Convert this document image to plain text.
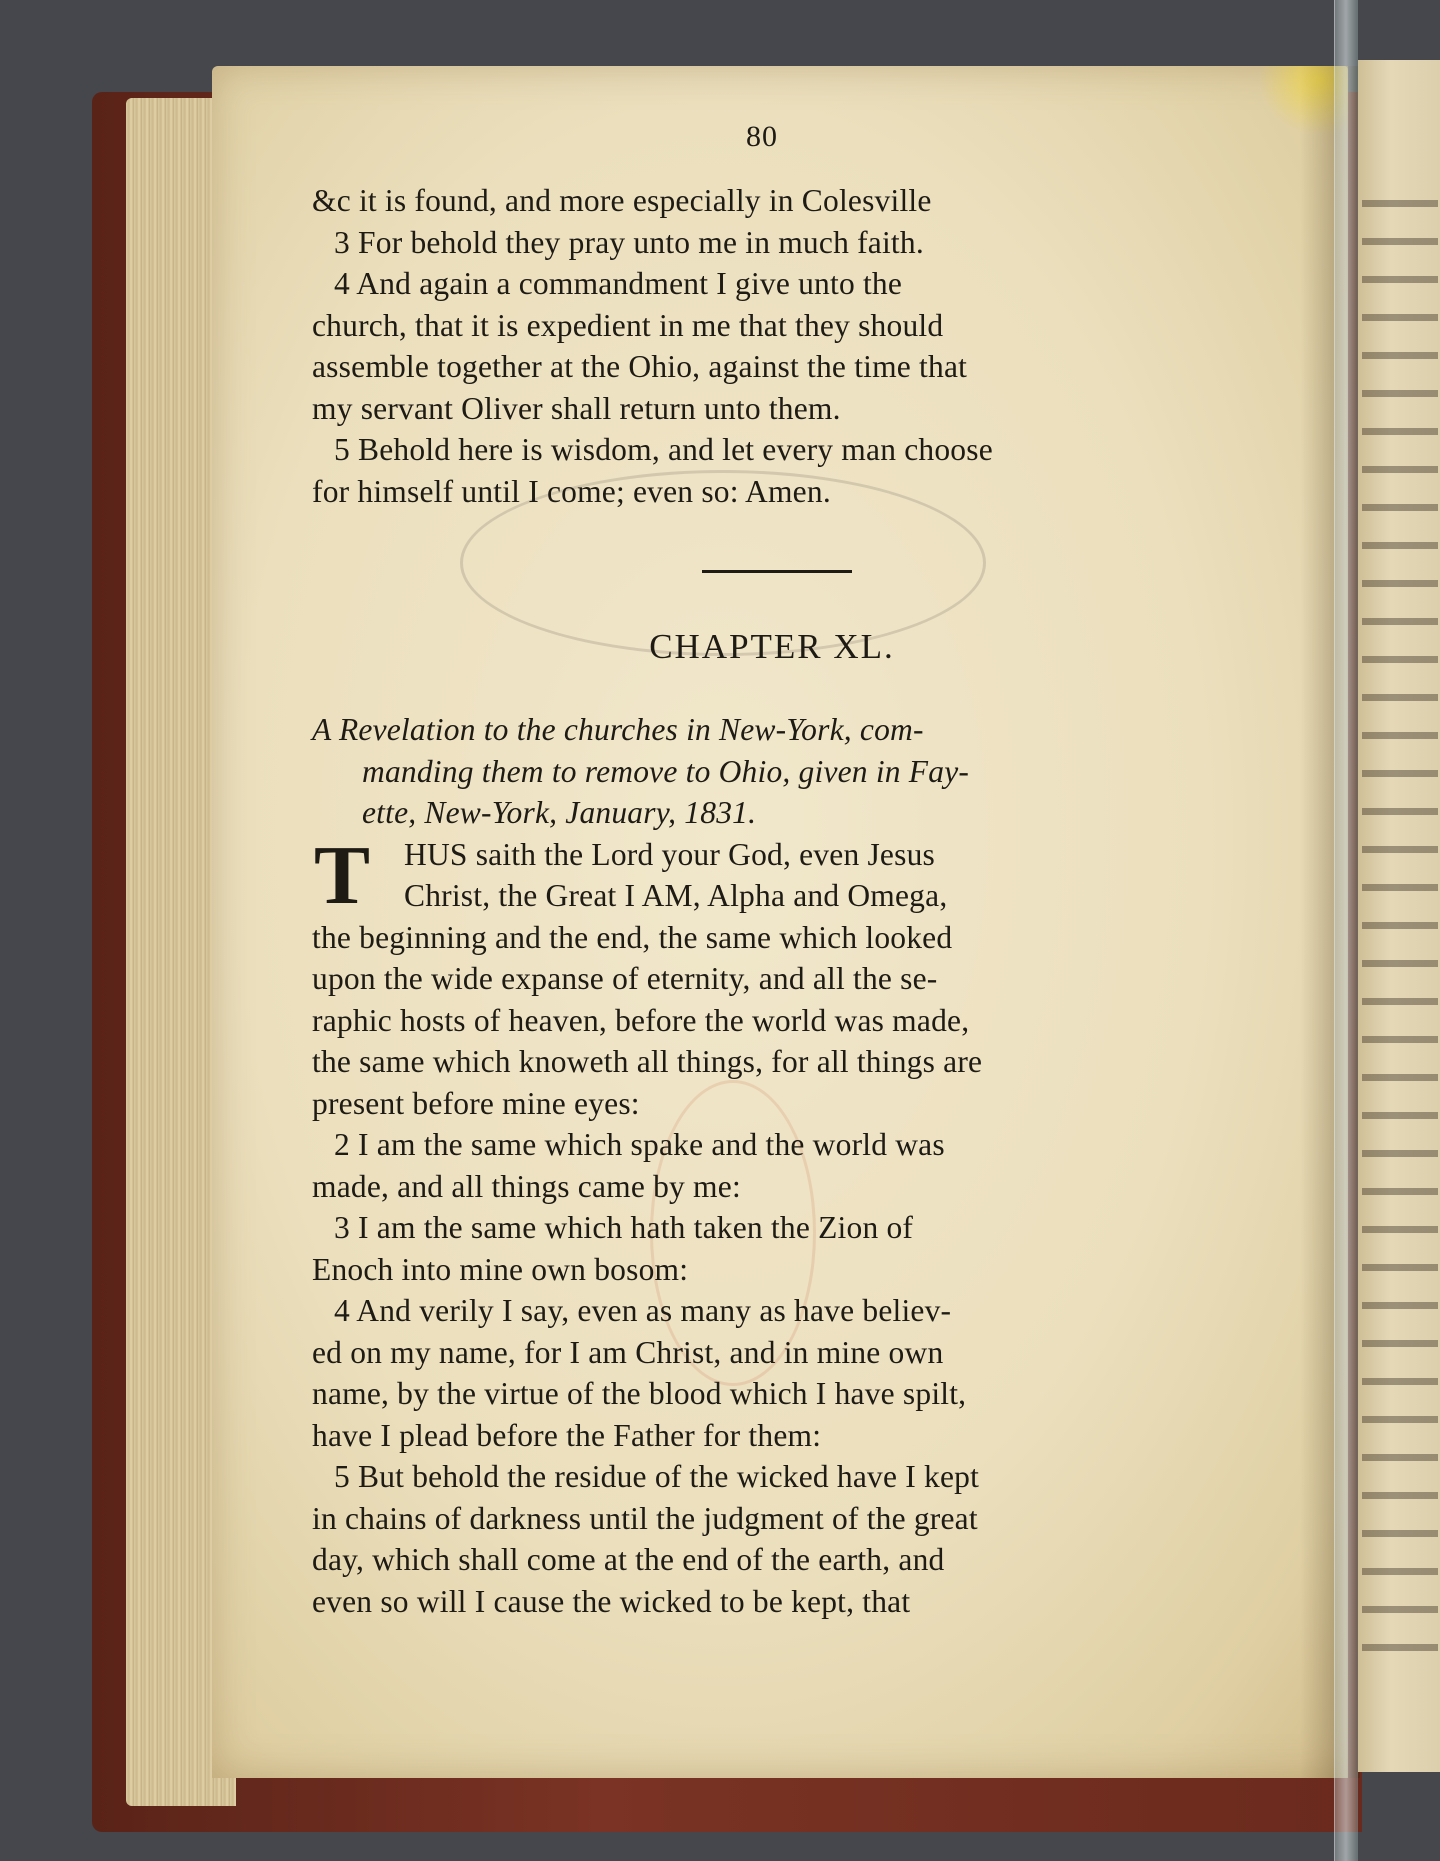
80
&c it is found, and more especially in Colesville
3 For behold they pray unto me in much faith.
4 And again a commandment I give unto the
church, that it is expedient in me that they should
assemble together at the Ohio, against the time that
my servant Oliver shall return unto them.
5 Behold here is wisdom, and let every man choose
for himself until I come; even so: Amen.
CHAPTER XL.
A Revelation to the churches in New-York, com-
manding them to remove to Ohio, given in Fay-
ette, New-York, January, 1831.
T	HUS saith the Lord your God, even Jesus
Christ, the Great I AM, Alpha and Omega,
the beginning and the end, the same which looked
upon the wide expanse of eternity, and all the se-
raphic hosts of heaven, before the world was made,
the same which knoweth all things, for all things are
present before mine eyes:
2 I am the same which spake and the world was
made, and all things came by me:
3 I am the same which hath taken the Zion of
Enoch into mine own bosom:
4 And verily I say, even as many as have believ-
ed on my name, for I am Christ, and in mine own
name, by the virtue of the blood which I have spilt,
have I plead before the Father for them:
5 But behold the residue of the wicked have I kept
in chains of darkness until the judgment of the great
day, which shall come at the end of the earth, and
even so will I cause the wicked to be kept, that
